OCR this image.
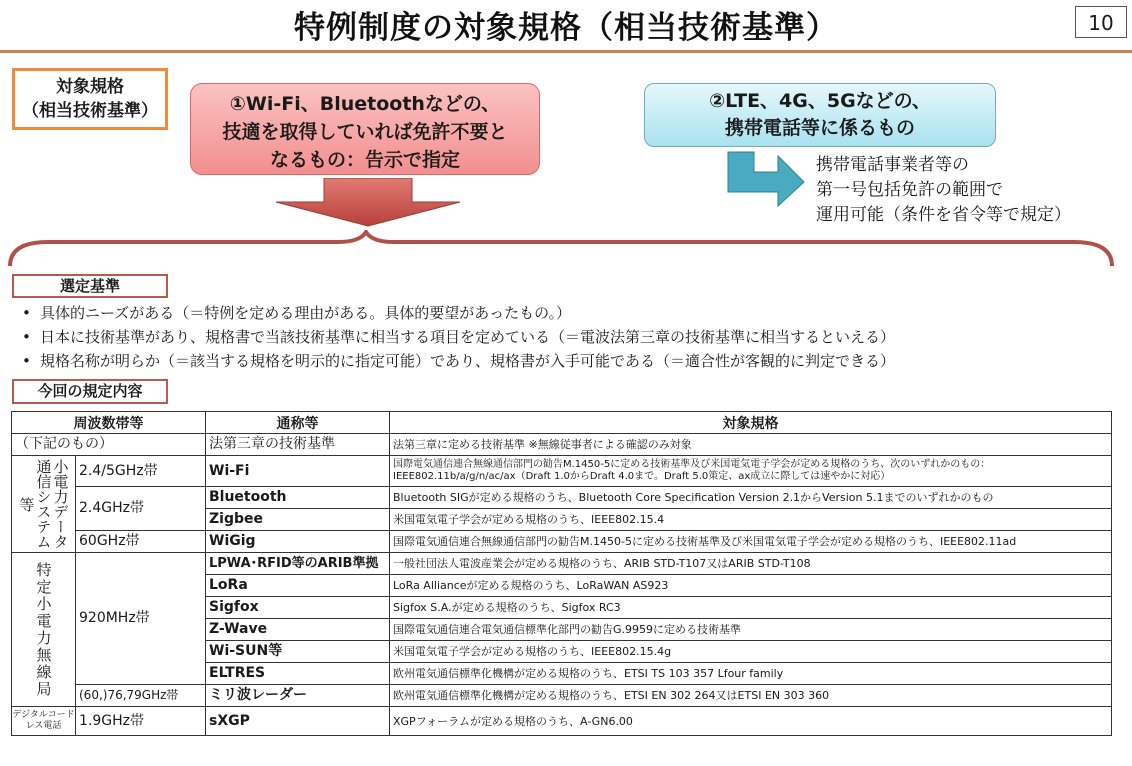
特例制度の対象規格（相当技術基準）	10
対象規格
（相当技術基準）	①Wi-Fi、Bluetoothなどの、
技適を取得していれば免許不要と
なるもの：告示で指定
②LTE、4G、5Gなどの、
携帯電話等に係るもの
携帯電話事業者等の
第一号包括免許の範囲で
運用可能（条件を省令等で規定）
選定基準
• 具体的ニーズがある（＝特例を定める理由がある。具体的要望があったもの。）
• 日本に技術基準があり、規格書で当該技術基準に相当する項目を定めている（＝電波法第三章の技術基準に相当するといえる）
• 規格名称が明らか（＝該当する規格を明示的に指定可能）であり、規格書が入手可能である（＝適合性が客観的に判定できる）
今回の規定内容
周波数帯等		通称等	対象規格
（下記のもの）		法第三章の技術基準	法第三章に定める技術基準 ※無線従事者による確認のみ対象

小電力データ
通信システム
等	2.4/5GHz帯	Wi-Fi	国際電気通信連合無線通信部門の勧告M.1450-5に定める技術基準及び米国電気電子学会が定める規格のうち、次のいずれかのもの：IEEE802.11b/a/g/n/ac/ax（Draft 1.0からDraft 4.0まで。Draft 5.0策定、ax成立に際しては速やかに対応）
	2.4GHz帯	Bluetooth	Bluetooth SIGが定める規格のうち、Bluetooth Core Specification Version 2.1からVersion 5.1までのいずれかのもの
		Zigbee	米国電気電子学会が定める規格のうち、IEEE802.15.4
	60GHz帯	WiGig	国際電気通信連合無線通信部門の勧告M.1450-5に定める技術基準及び米国電気電子学会が定める規格のうち、IEEE802.11ad

特定小電力無線局	920MHz帯	LPWA･RFID等のARIB準拠	一般社団法人電波産業会が定める規格のうち、ARIB STD-T107又はARIB STD-T108
		LoRa	LoRa Allianceが定める規格のうち、LoRaWAN AS923
		Sigfox	Sigfox S.A.が定める規格のうち、Sigfox RC3
		Z-Wave	国際電気通信連合電気通信標準化部門の勧告G.9959に定める技術基準
		Wi-SUN等	米国電気電子学会が定める規格のうち、IEEE802.15.4g
		ELTRES	欧州電気通信標準化機構が定める規格のうち、ETSI TS 103 357 Lfour family
	(60,)76,79GHz帯	ミリ波レーダー	欧州電気通信標準化機構が定める規格のうち、ETSI EN 302 264又はETSI EN 303 360
デジタルコードレス電話	1.9GHz帯	sXGP	XGPフォーラムが定める規格のうち、A-GN6.00
